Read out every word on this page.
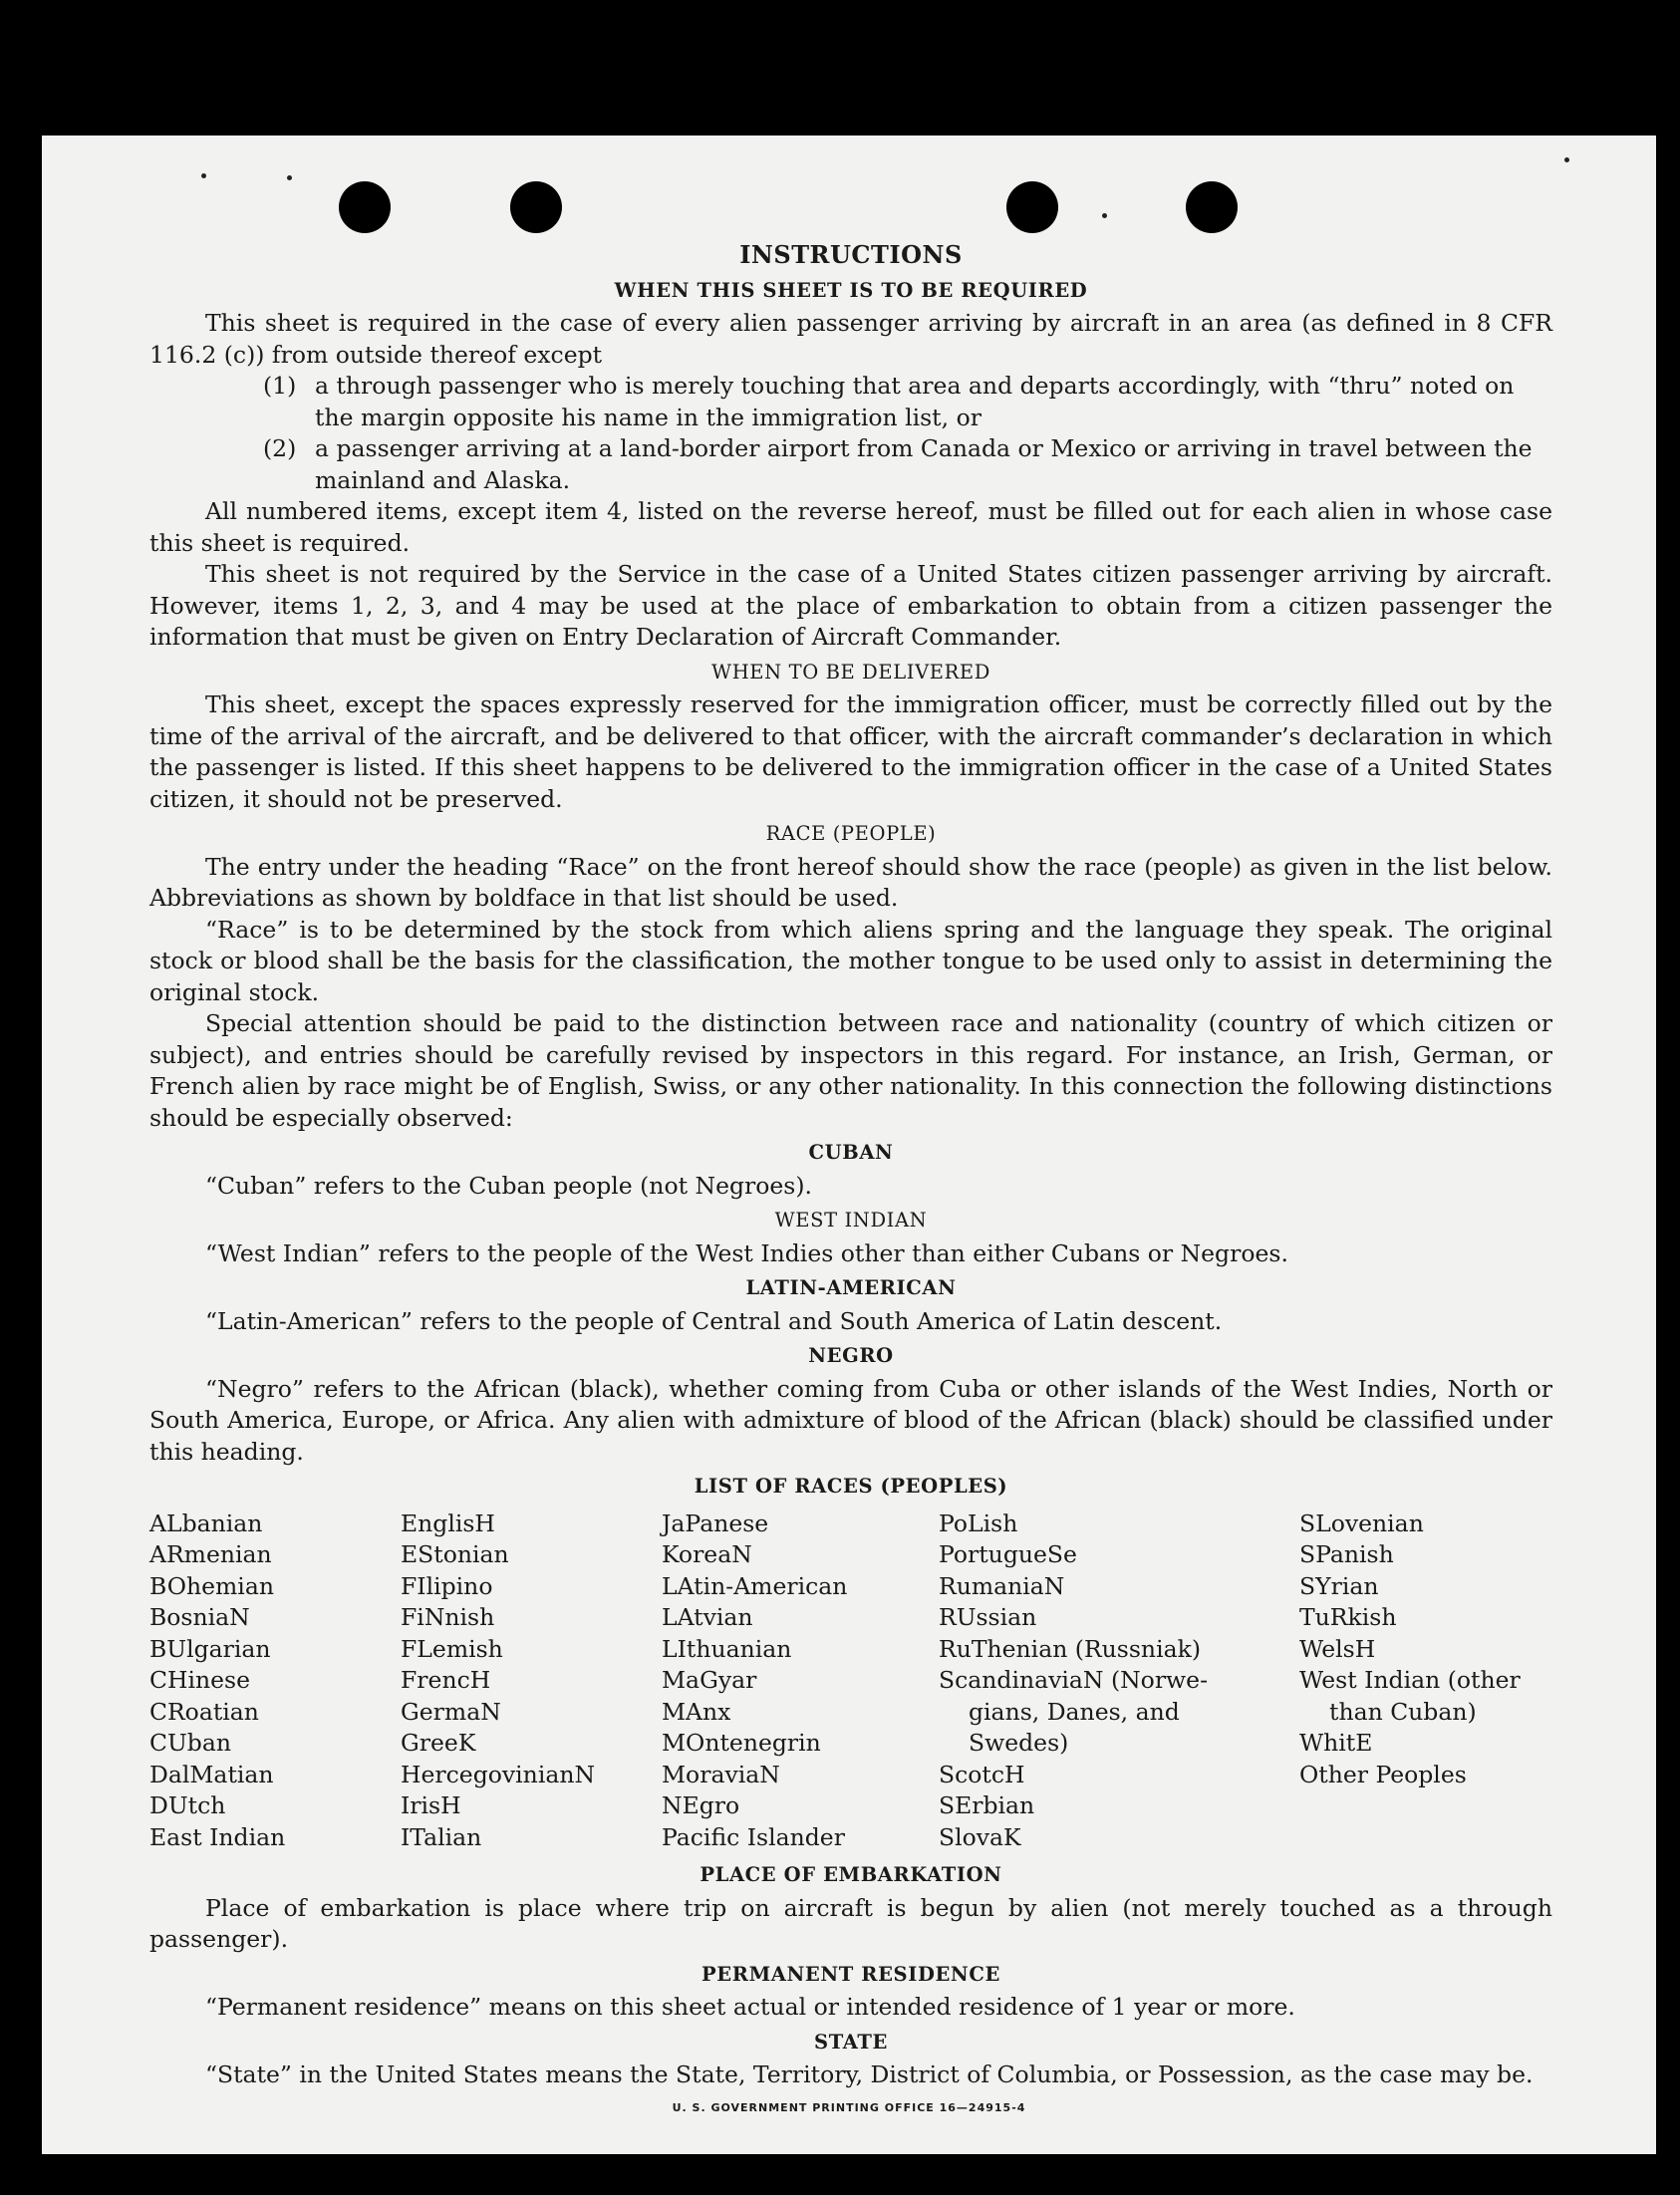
INSTRUCTIONS
WHEN THIS SHEET IS TO BE REQUIRED

This sheet is required in the case of every alien passenger arriving by aircraft in an area (as defined in 8 CFR 116.2 (c)) from outside thereof except

(1) a through passenger who is merely touching that area and departs accordingly, with “thru” noted on the margin opposite his name in the immigration list, or
(2) a passenger arriving at a land-border airport from Canada or Mexico or arriving in travel between the mainland and Alaska.

All numbered items, except item 4, listed on the reverse hereof, must be filled out for each alien in whose case this sheet is required.

This sheet is not required by the Service in the case of a United States citizen passenger arriving by aircraft. However, items 1, 2, 3, and 4 may be used at the place of embarkation to obtain from a citizen passenger the information that must be given on Entry Declaration of Aircraft Commander.

WHEN TO BE DELIVERED

This sheet, except the spaces expressly reserved for the immigration officer, must be correctly filled out by the time of the arrival of the aircraft, and be delivered to that officer, with the aircraft commander’s declaration in which the passenger is listed. If this sheet happens to be delivered to the immigration officer in the case of a United States citizen, it should not be preserved.

RACE (PEOPLE)

The entry under the heading “Race” on the front hereof should show the race (people) as given in the list below. Abbreviations as shown by boldface in that list should be used.

“Race” is to be determined by the stock from which aliens spring and the language they speak. The original stock or blood shall be the basis for the classification, the mother tongue to be used only to assist in determining the original stock.

Special attention should be paid to the distinction between race and nationality (country of which citizen or subject), and entries should be carefully revised by inspectors in this regard. For instance, an Irish, German, or French alien by race might be of English, Swiss, or any other nationality. In this connection the following distinctions should be especially observed:

CUBAN

“Cuban” refers to the Cuban people (not Negroes).

WEST INDIAN

“West Indian” refers to the people of the West Indies other than either Cubans or Negroes.

LATIN-AMERICAN

“Latin-American” refers to the people of Central and South America of Latin descent.

NEGRO

“Negro” refers to the African (black), whether coming from Cuba or other islands of the West Indies, North or South America, Europe, or Africa. Any alien with admixture of blood of the African (black) should be classified under this heading.

LIST OF RACES (PEOPLES)
ALbanian
ARmenian
BOhemian
BosniaN
BUlgarian
CHinese
CRoatian
CUban
DalMatian
DUtch
East Indian
EnglisH
EStonian
FIlipino
FiNnish
FLemish
FrencH
GermaN
GreeK
HercegovinianN
IrisH
ITalian
JaPanese
KoreaN
LAtin-American
LAtvian
LIthuanian
MaGyar
MAnx
MOntenegrin
MoraviaN
NEgro
Pacific Islander
PoLish
PortugueSe
RumaniaN
RUssian
RuThenian (Russniak)
ScandinaviaN (Norwe-
gians, Danes, and
Swedes)
ScotcH
SErbian
SlovaK
SLovenian
SPanish
SYrian
TuRkish
WelsH
West Indian (other
than Cuban)
WhitE
Other Peoples
PLACE OF EMBARKATION

Place of embarkation is place where trip on aircraft is begun by alien (not merely touched as a through passenger).

PERMANENT RESIDENCE

“Permanent residence” means on this sheet actual or intended residence of 1 year or more.

STATE

“State” in the United States means the State, Territory, District of Columbia, or Possession, as the case may be.

U. S. GOVERNMENT PRINTING OFFICE 16—24915-4
